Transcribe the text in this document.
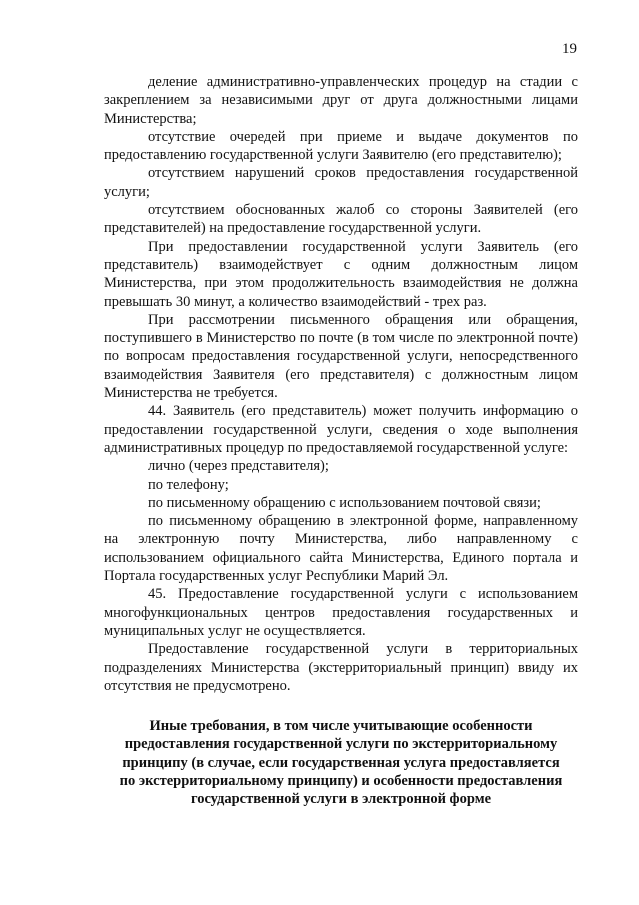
19

деление административно-управленческих процедур на стадии с закреплением за независимыми друг от друга должностными лицами Министерства;

отсутствие очередей при приеме и выдаче документов по предоставлению государственной услуги Заявителю (его представителю);

отсутствием нарушений сроков предоставления государственной услуги;

отсутствием обоснованных жалоб со стороны Заявителей (его представителей) на предоставление государственной услуги.

При предоставлении государственной услуги Заявитель (его представитель) взаимодействует с одним должностным лицом Министерства, при этом продолжительность взаимодействия не должна превышать 30 минут, а количество взаимодействий - трех раз.

При рассмотрении письменного обращения или обращения, поступившего в Министерство по почте (в том числе по электронной почте) по вопросам предоставления государственной услуги, непосредственного взаимодействия Заявителя (его представителя) с должностным лицом Министерства не требуется.

44. Заявитель (его представитель) может получить информацию о предоставлении государственной услуги, сведения о ходе выполнения административных процедур по предоставляемой государственной услуге:

лично (через представителя);

по телефону;

по письменному обращению с использованием почтовой связи;

по письменному обращению в электронной форме, направленному на электронную почту Министерства, либо направленному с использованием официального сайта Министерства, Единого портала и Портала государственных услуг Республики Марий Эл.

45. Предоставление государственной услуги с использованием многофункциональных центров предоставления государственных и муниципальных услуг не осуществляется.

Предоставление государственной услуги в территориальных подразделениях Министерства (экстерриториальный принцип) ввиду их отсутствия не предусмотрено.

Иные требования, в том числе учитывающие особенности
предоставления государственной услуги по экстерриториальному
принципу (в случае, если государственная услуга предоставляется
по экстерриториальному принципу) и особенности предоставления
государственной услуги в электронной форме
